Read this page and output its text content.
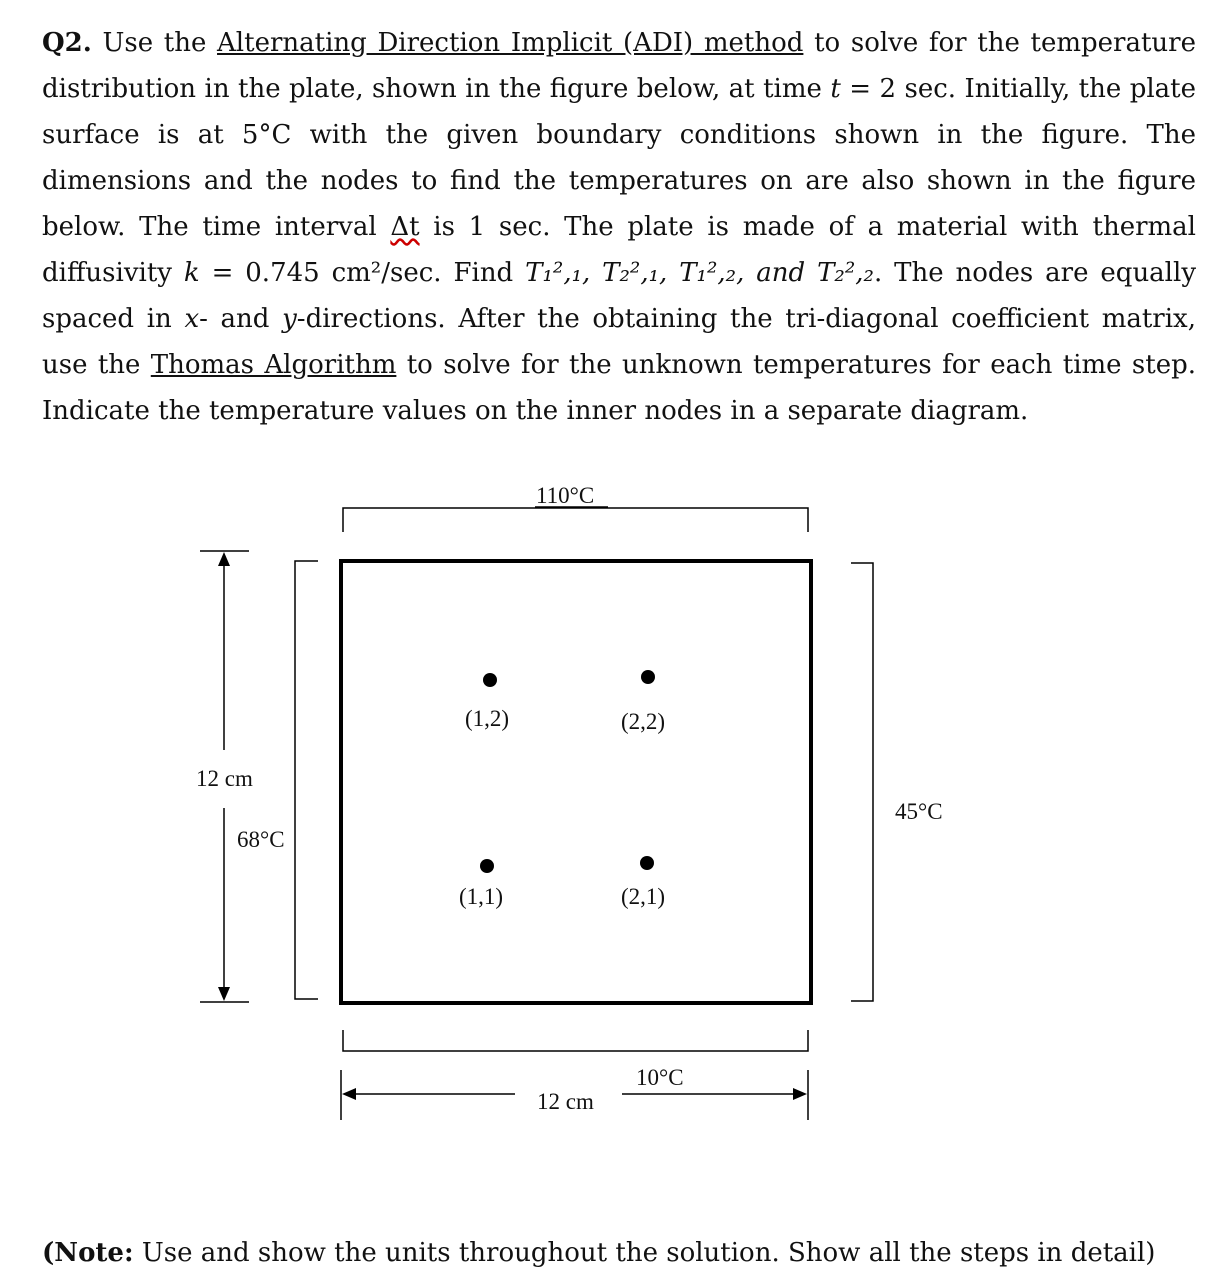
Q2. Use the Alternating Direction Implicit (ADI) method to solve for the temperature distribution in the plate, shown in the figure below, at time t = 2 sec. Initially, the plate surface is at 5°C with the given boundary conditions shown in the figure. The dimensions and the nodes to find the temperatures on are also shown in the figure below. The time interval Δt is 1 sec. The plate is made of a material with thermal diffusivity k = 0.745 cm²/sec. Find T₁²,₁, T₂²,₁, T₁²,₂, and T₂²,₂. The nodes are equally spaced in x- and y-directions. After the obtaining the tri-diagonal coefficient matrix, use the Thomas Algorithm to solve for the unknown temperatures for each time step. Indicate the temperature values on the inner nodes in a separate diagram.
110°C
10°C
68°C
45°C
12 cm
12 cm
(1,2)	(2,2)
(1,1)	(2,1)
(Note: Use and show the units throughout the solution. Show all the steps in detail)
